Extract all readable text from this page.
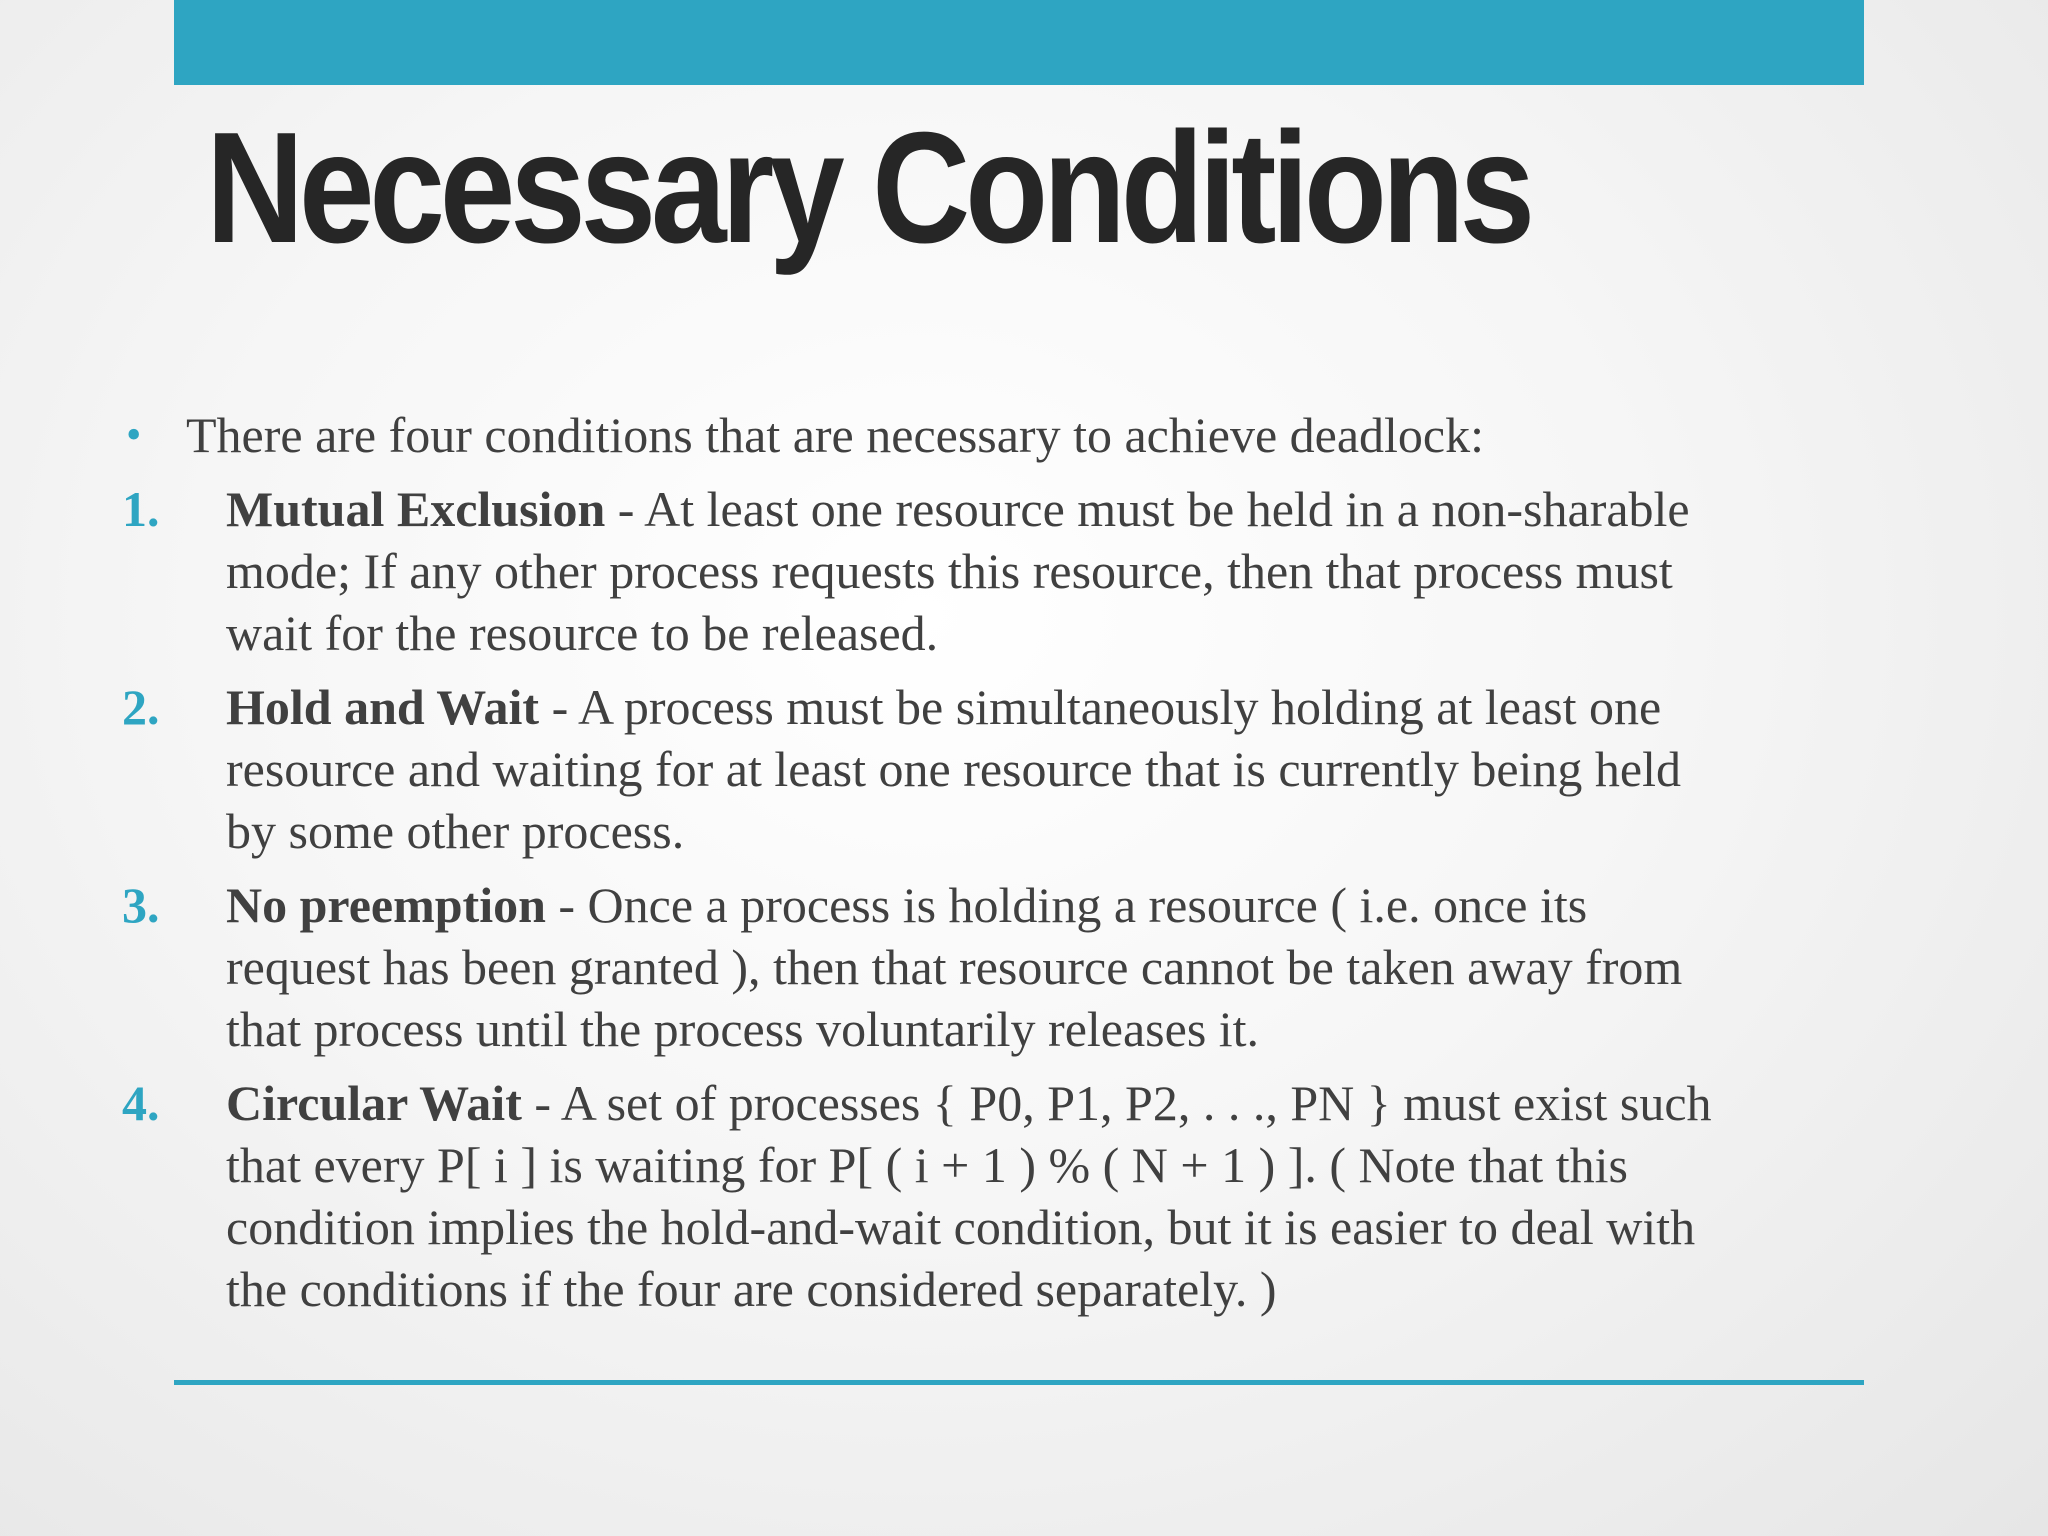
Necessary Conditions
• There are four conditions that are necessary to achieve deadlock:
1. Mutual Exclusion - At least one resource must be held in a non-sharable
mode; If any other process requests this resource, then that process must
wait for the resource to be released.
2. Hold and Wait - A process must be simultaneously holding at least one
resource and waiting for at least one resource that is currently being held
by some other process.
3. No preemption - Once a process is holding a resource ( i.e. once its
request has been granted ), then that resource cannot be taken away from
that process until the process voluntarily releases it.
4. Circular Wait - A set of processes { P0, P1, P2, . . ., PN } must exist such
that every P[ i ] is waiting for P[ ( i + 1 ) % ( N + 1 ) ]. ( Note that this
condition implies the hold-and-wait condition, but it is easier to deal with
the conditions if the four are considered separately. )
